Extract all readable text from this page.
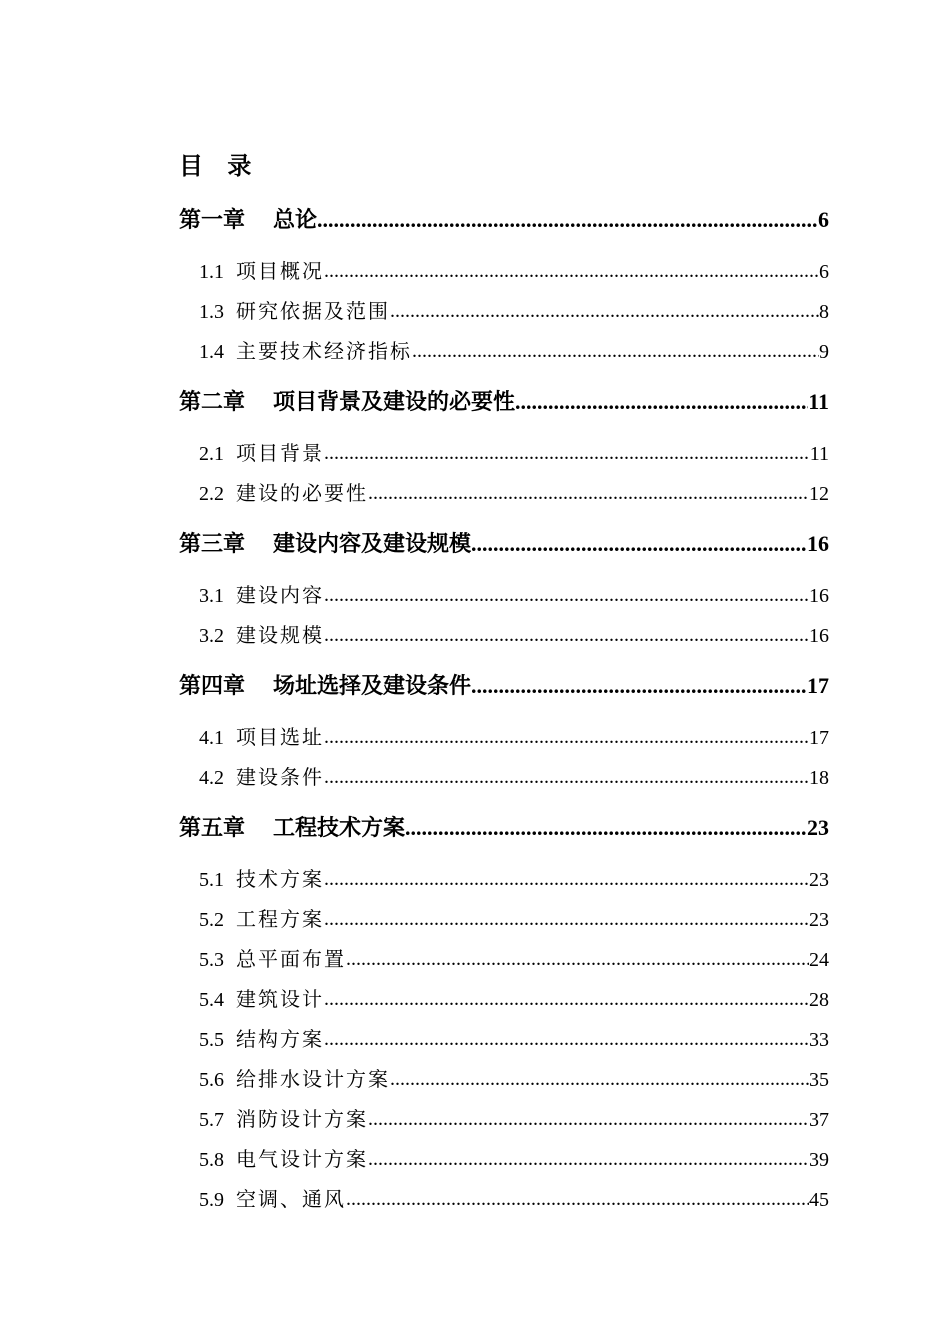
目 录
第一章 总论 .....	6
1.1 项目概况 .....	6
1.3 研究依据及范围 .....	8
1.4 主要技术经济指标 .....	9
第二章 项目背景及建设的必要性 .....	11
2.1 项目背景 .....	11
2.2 建设的必要性 .....	12
第三章 建设内容及建设规模 .....	16
3.1 建设内容 .....	16
3.2 建设规模 .....	16
第四章 场址选择及建设条件 .....	17
4.1 项目选址 .....	17
4.2 建设条件 .....	18
第五章 工程技术方案 .....	23
5.1 技术方案 .....	23
5.2 工程方案 .....	23
5.3 总平面布置 .....	24
5.4 建筑设计 .....	28
5.5 结构方案 .....	33
5.6 给排水设计方案 .....	35
5.7 消防设计方案 .....	37
5.8 电气设计方案 .....	39
5.9 空调、通风 .....	45
